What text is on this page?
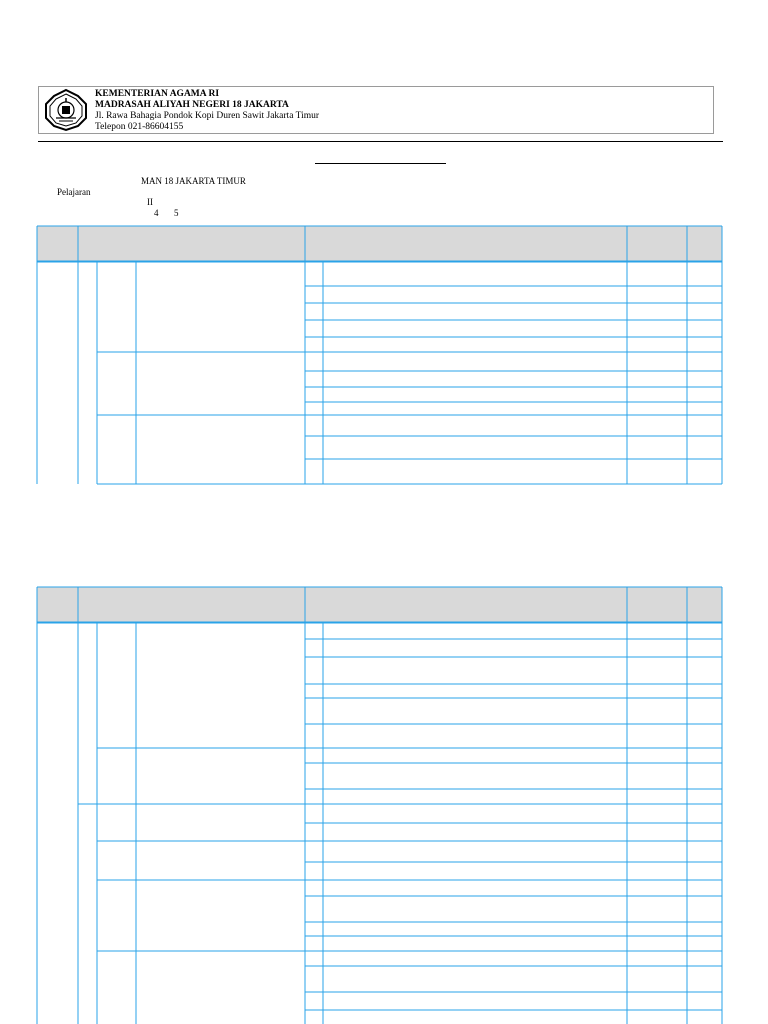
KEMENTERIAN AGAMA RI
MADRASAH ALIYAH NEGERI 18 JAKARTA
Jl. Rawa Bahagia Pondok Kopi Duren Sawit Jakarta Timur
Telepon 021-86604155
MAN 18 JAKARTA TIMUR
Pelajaran
II
4 5
